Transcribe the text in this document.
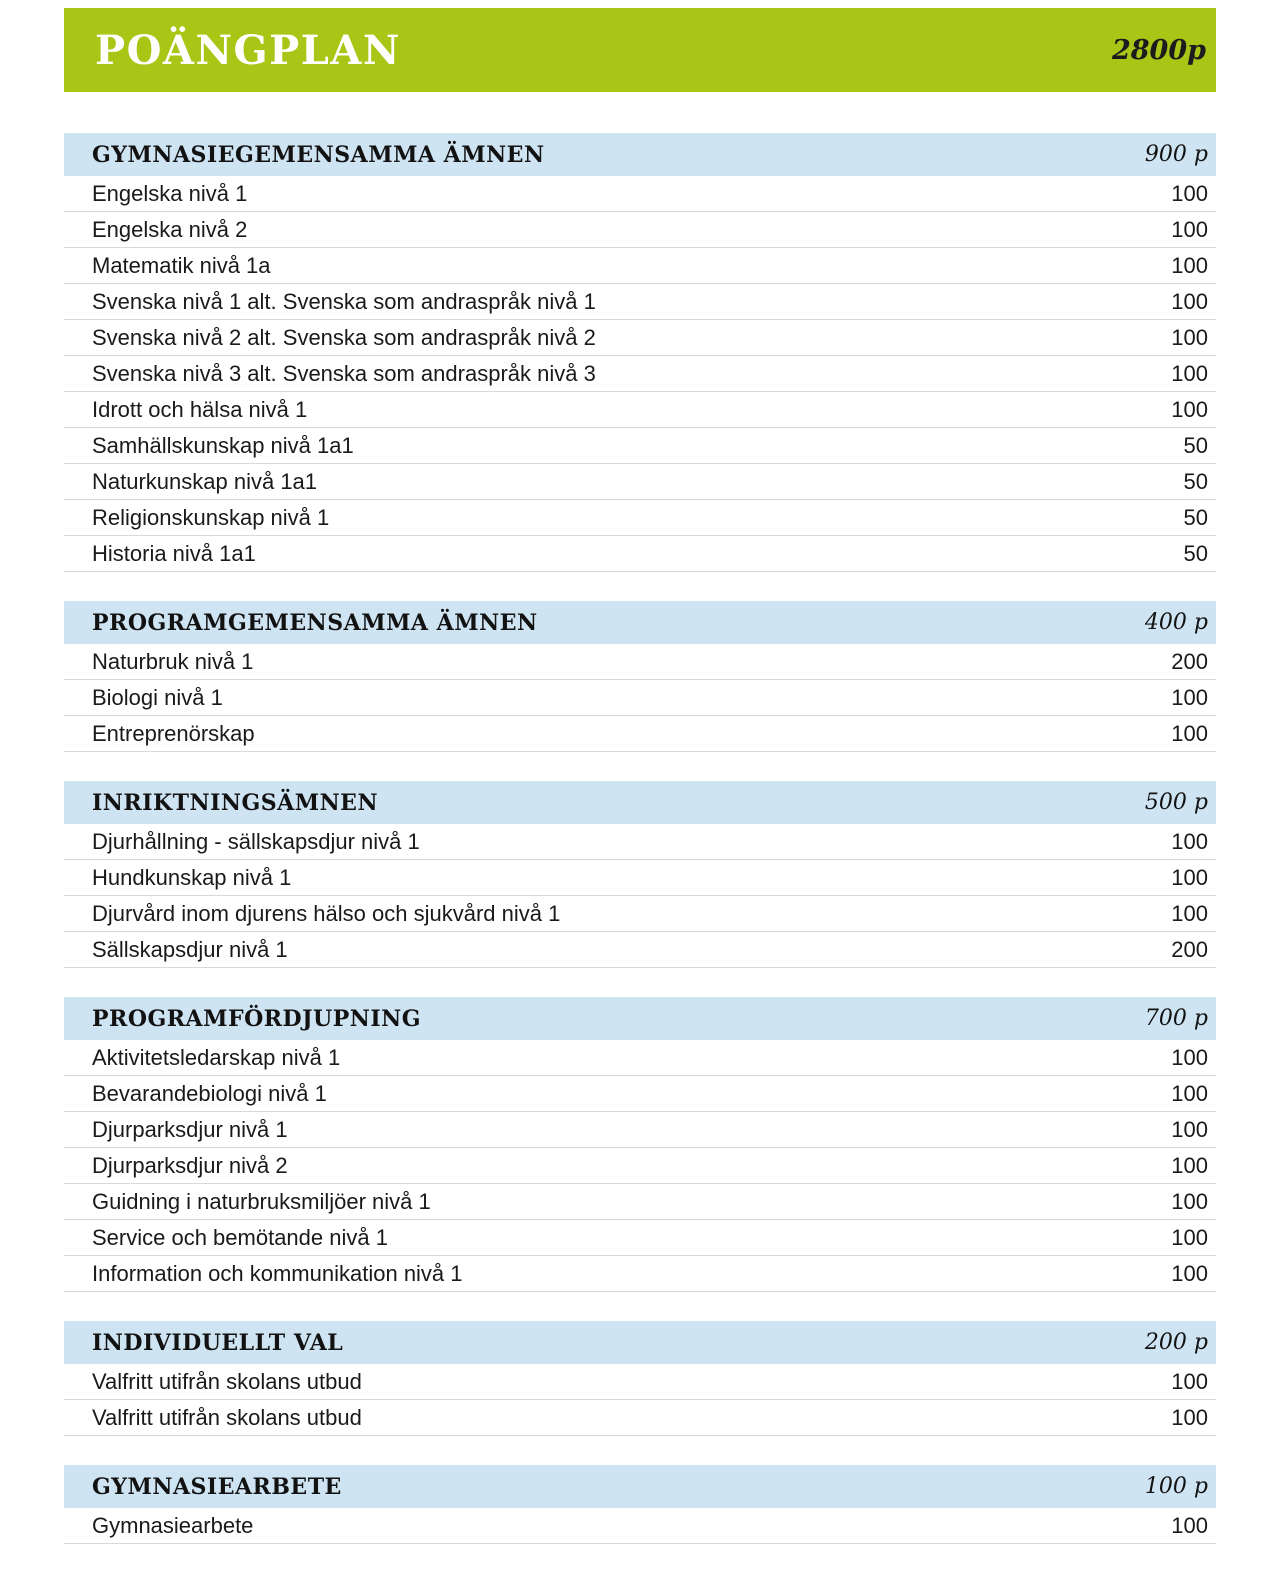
POÄNGPLAN	2800p
GYMNASIEGEMENSAMMA ÄMNEN	900 p
Engelska nivå 1	100
Engelska nivå 2	100
Matematik nivå 1a	100
Svenska nivå 1 alt. Svenska som andraspråk nivå 1	100
Svenska nivå 2 alt. Svenska som andraspråk nivå 2	100
Svenska nivå 3 alt. Svenska som andraspråk nivå 3	100
Idrott och hälsa nivå 1	100
Samhällskunskap nivå 1a1	50
Naturkunskap nivå 1a1	50
Religionskunskap nivå 1	50
Historia nivå 1a1	50
PROGRAMGEMENSAMMA ÄMNEN	400 p
Naturbruk nivå 1	200
Biologi nivå 1	100
Entreprenörskap	100
INRIKTNINGSÄMNEN	500 p
Djurhållning - sällskapsdjur nivå 1	100
Hundkunskap nivå 1	100
Djurvård inom djurens hälso och sjukvård nivå 1	100
Sällskapsdjur nivå 1	200
PROGRAMFÖRDJUPNING	700 p
Aktivitetsledarskap nivå 1	100
Bevarandebiologi nivå 1	100
Djurparksdjur nivå 1	100
Djurparksdjur nivå 2	100
Guidning i naturbruksmiljöer nivå 1	100
Service och bemötande nivå 1	100
Information och kommunikation nivå 1	100
INDIVIDUELLT VAL	200 p
Valfritt utifrån skolans utbud	100
Valfritt utifrån skolans utbud	100
GYMNASIEARBETE	100 p
Gymnasiearbete	100
